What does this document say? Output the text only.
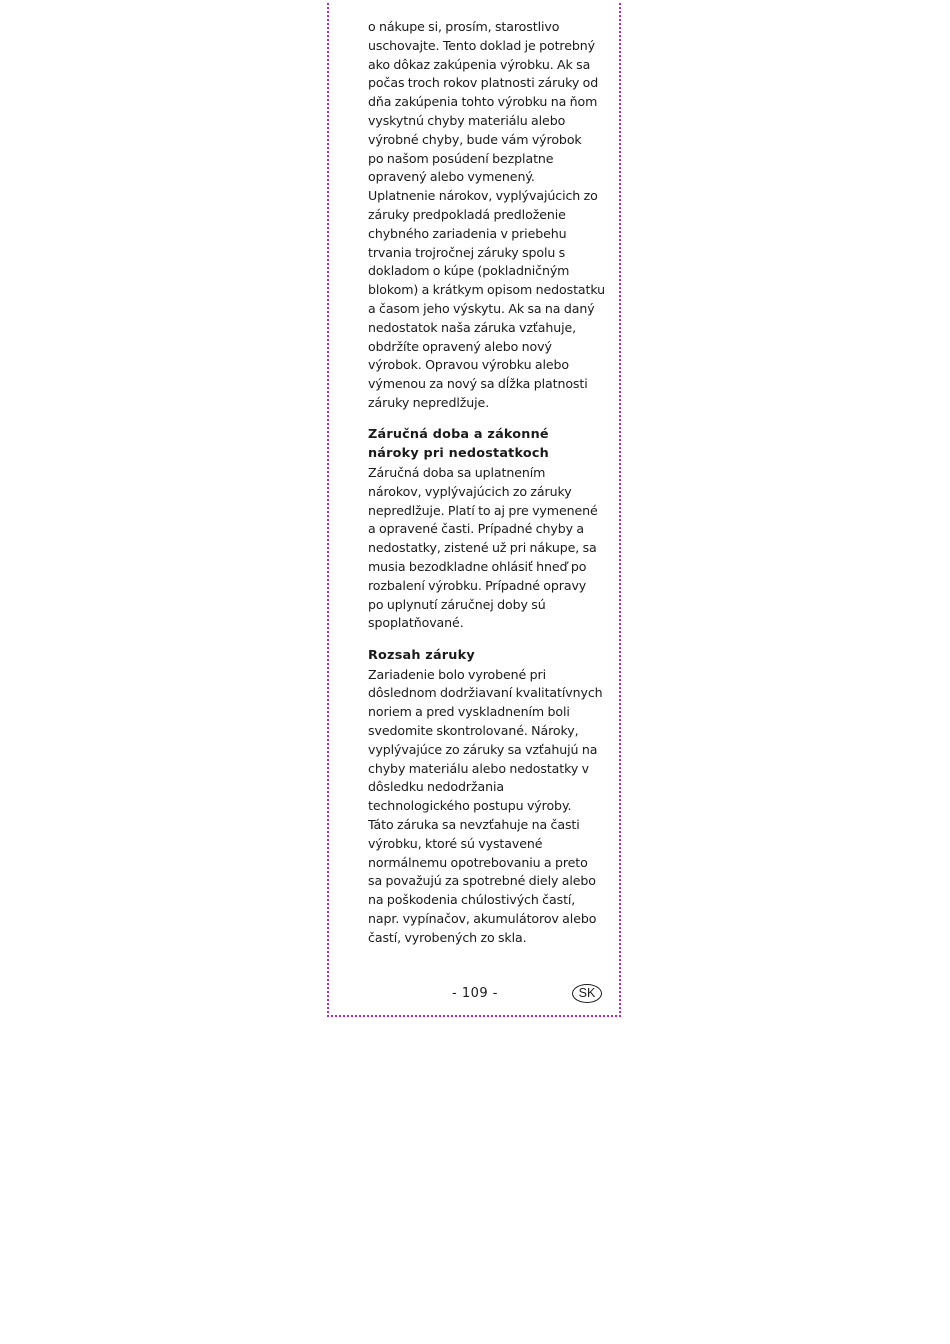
o nákupe si, prosím, starostlivo
uschovajte. Tento doklad je potrebný
ako dôkaz zakúpenia výrobku. Ak sa
počas troch rokov platnosti záruky od
dňa zakúpenia tohto výrobku na ňom
vyskytnú chyby materiálu alebo
výrobné chyby, bude vám výrobok
po našom posúdení bezplatne
opravený alebo vymenený.
Uplatnenie nárokov, vyplývajúcich zo
záruky predpokladá predloženie
chybného zariadenia v priebehu
trvania trojročnej záruky spolu s
dokladom o kúpe (pokladničným
blokom) a krátkym opisom nedostatku
a časom jeho výskytu. Ak sa na daný
nedostatok naša záruka vzťahuje,
obdržíte opravený alebo nový
výrobok. Opravou výrobku alebo
výmenou za nový sa dĺžka platnosti
záruky nepredlžuje.

Záručná doba a zákonné
nároky pri nedostatkoch

Záručná doba sa uplatnením
nárokov, vyplývajúcich zo záruky
nepredlžuje. Platí to aj pre vymenené
a opravené časti. Prípadné chyby a
nedostatky, zistené už pri nákupe, sa
musia bezodkladne ohlásiť hneď po
rozbalení výrobku. Prípadné opravy
po uplynutí záručnej doby sú
spoplatňované.

Rozsah záruky

Zariadenie bolo vyrobené pri
dôslednom dodržiavaní kvalitatívnych
noriem a pred vyskladnením boli
svedomite skontrolované. Nároky,
vyplývajúce zo záruky sa vzťahujú na
chyby materiálu alebo nedostatky v
dôsledku nedodržania
technologického postupu výroby.
Táto záruka sa nevzťahuje na časti
výrobku, ktoré sú vystavené
normálnemu opotrebovaniu a preto
sa považujú za spotrebné diely alebo
na poškodenia chúlostivých častí,
napr. vypínačov, akumulátorov alebo
častí, vyrobených zo skla.

- 109 -	SK
